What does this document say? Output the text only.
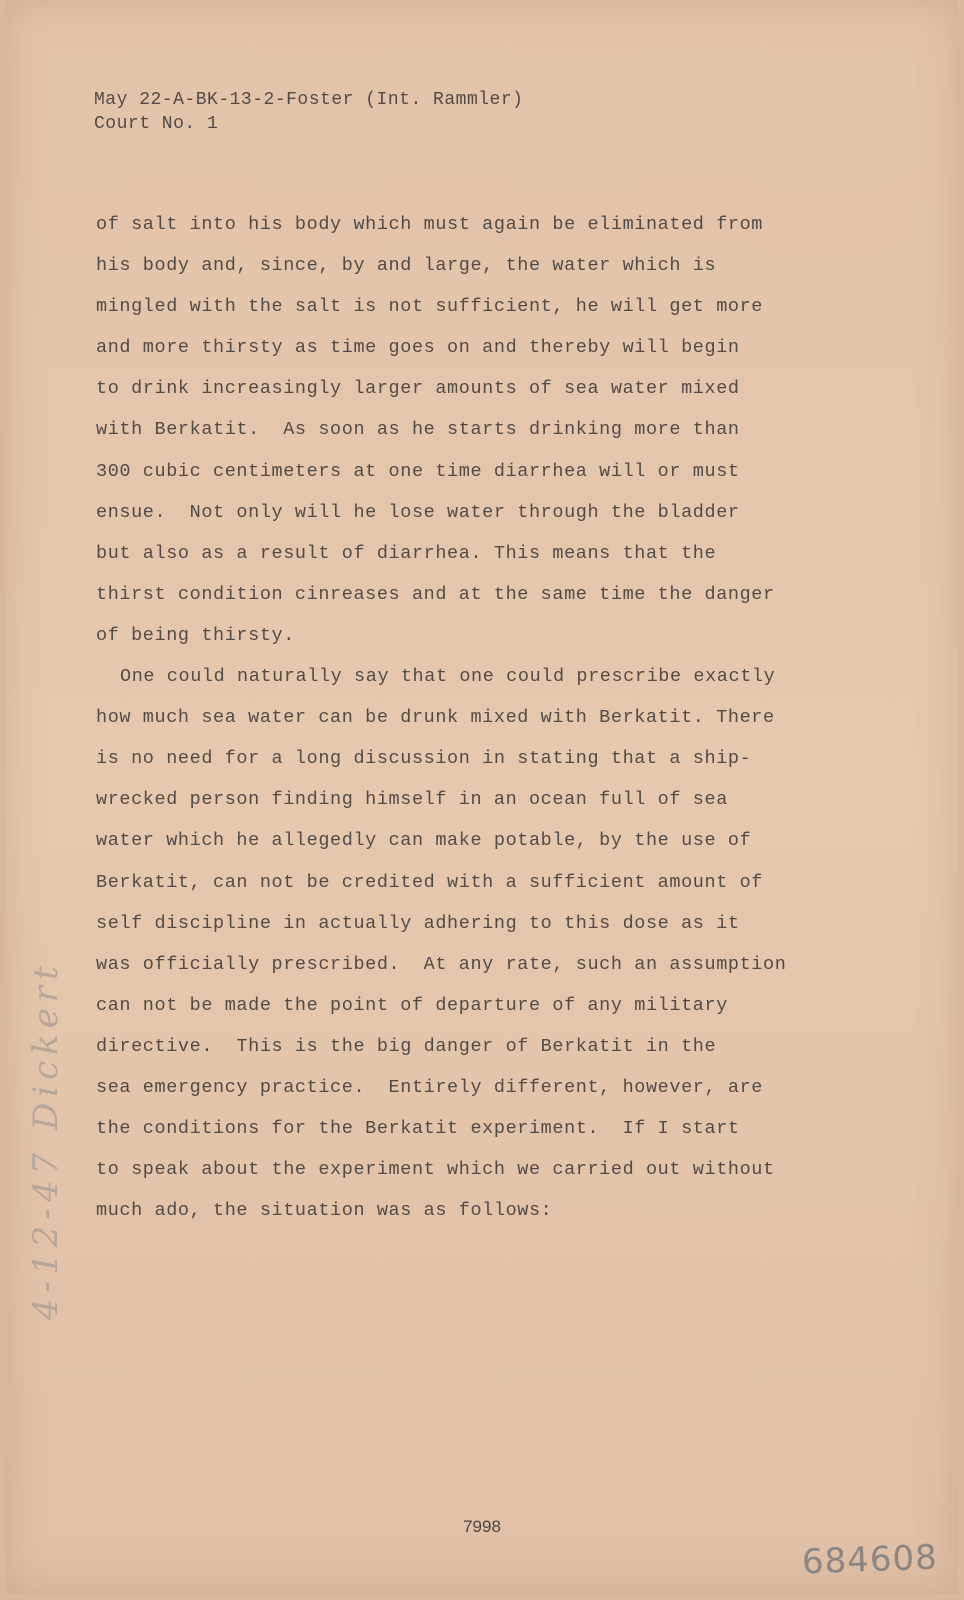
May 22-A-BK-13-2-Foster (Int. Rammler)
Court No. 1
of salt into his body which must again be eliminated from
his body and, since, by and large, the water which is
mingled with the salt is not sufficient, he will get more
and more thirsty as time goes on and thereby will begin
to drink increasingly larger amounts of sea water mixed
with Berkatit.  As soon as he starts drinking more than
300 cubic centimeters at one time diarrhea will or must
ensue.  Not only will he lose water through the bladder
but also as a result of diarrhea. This means that the
thirst condition cinreases and at the same time the danger
of being thirsty.
One could naturally say that one could prescribe exactly
how much sea water can be drunk mixed with Berkatit. There
is no need for a long discussion in stating that a ship-
wrecked person finding himself in an ocean full of sea
water which he allegedly can make potable, by the use of
Berkatit, can not be credited with a sufficient amount of
self discipline in actually adhering to this dose as it
was officially prescribed.  At any rate, such an assumption
can not be made the point of departure of any military
directive.  This is the big danger of Berkatit in the
sea emergency practice.  Entirely different, however, are
the conditions for the Berkatit experiment.  If I start
to speak about the experiment which we carried out without
much ado, the situation was as follows:
4-12-47 Dickert
7998
684608
